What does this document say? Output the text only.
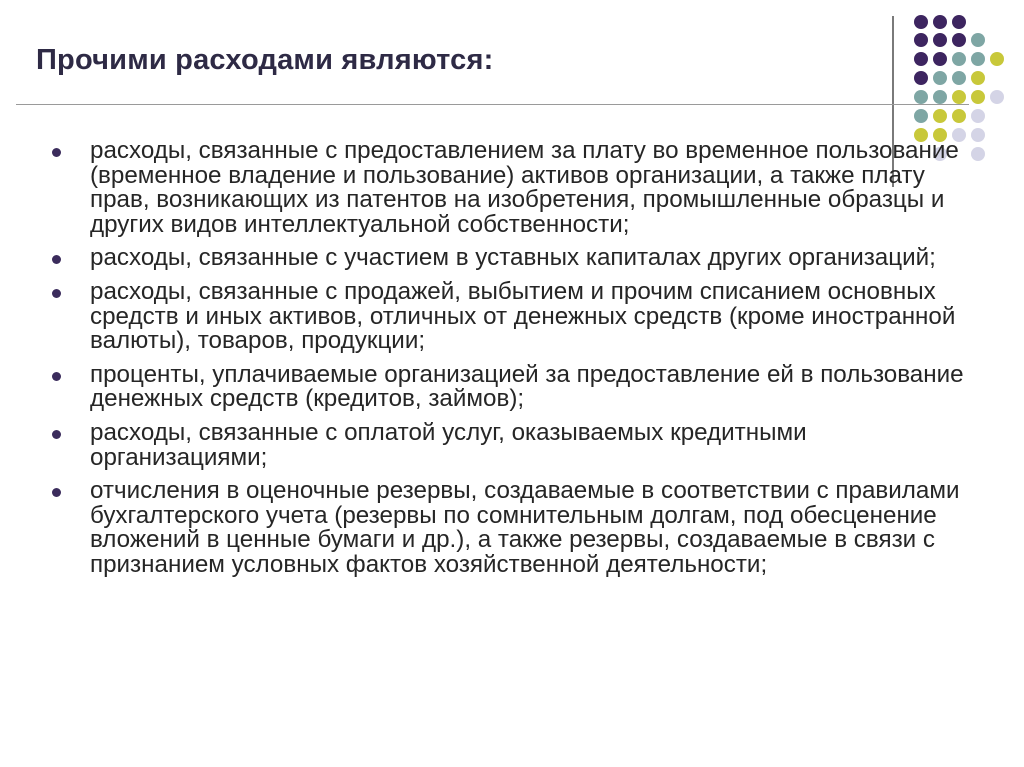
Прочими расходами являются:
расходы, связанные с предоставлением за плату во временное пользование (временное владение и пользование) активов организации, а также плату прав, возникающих из патентов на изобретения, промышленные образцы и других видов интеллектуальной собственности;
расходы, связанные с участием в уставных капиталах других организаций;
расходы, связанные с продажей, выбытием и прочим списанием основных средств и иных активов, отличных от денежных средств (кроме иностранной валюты), товаров, продукции;
проценты, уплачиваемые организацией за предоставление ей в пользование денежных средств (кредитов, займов);
расходы, связанные с оплатой услуг, оказываемых кредитными организациями;
отчисления в оценочные резервы, создаваемые в соответствии с правилами бухгалтерского учета (резервы по сомнительным долгам, под обесценение вложений в ценные бумаги и др.), а также резервы, создаваемые в связи с признанием условных фактов хозяйственной деятельности;
